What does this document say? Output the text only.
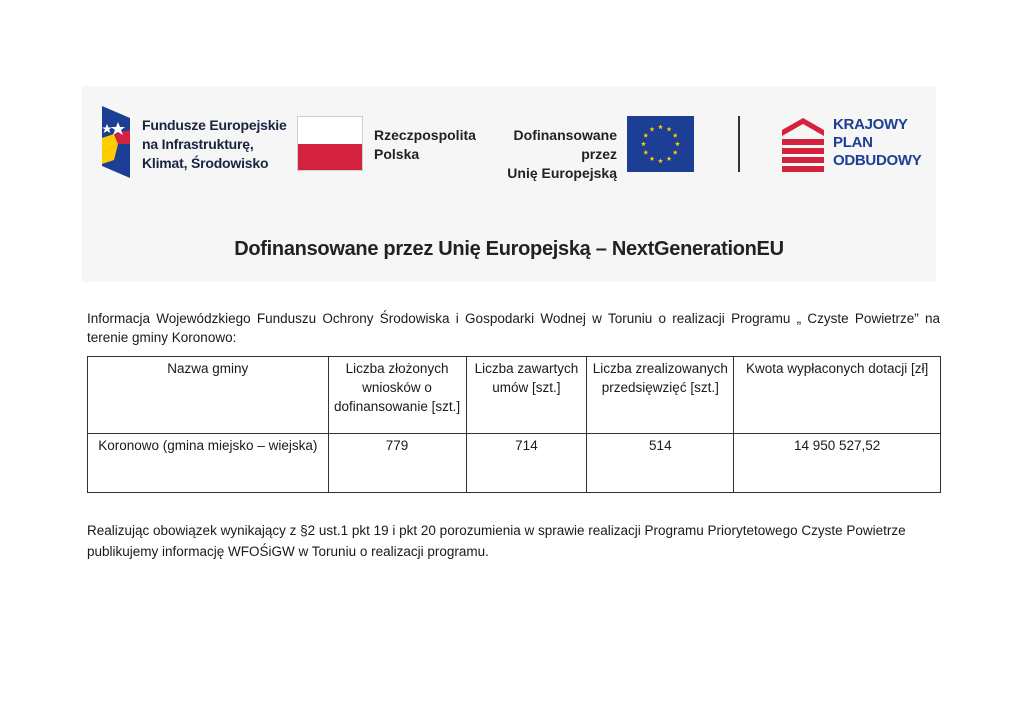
Fundusze Europejskie
na Infrastrukturę,
Klimat, Środowisko
Rzeczpospolita
Polska
Dofinansowane przez
Unię Europejską
KRAJOWY
PLAN
ODBUDOWY
Dofinansowane przez Unię Europejską – NextGenerationEU
Informacja Wojewódzkiego Funduszu Ochrony Środowiska i Gospodarki Wodnej w Toruniu o realizacji Programu „ Czyste Powietrze” na terenie gminy Koronowo:
Nazwa gminy	Liczba złożonych wniosków o dofinansowanie [szt.]	Liczba zawartych umów [szt.]	Liczba zrealizowanych przedsięwzięć [szt.]	Kwota wypłaconych dotacji [zł]
Koronowo (gmina miejsko – wiejska)	779	714	514	14 950 527,52
Realizując obowiązek wynikający z §2 ust.1 pkt 19 i pkt 20 porozumienia w sprawie realizacji Programu Priorytetowego Czyste Powietrze publikujemy informację WFOŚiGW w Toruniu o realizacji programu.
